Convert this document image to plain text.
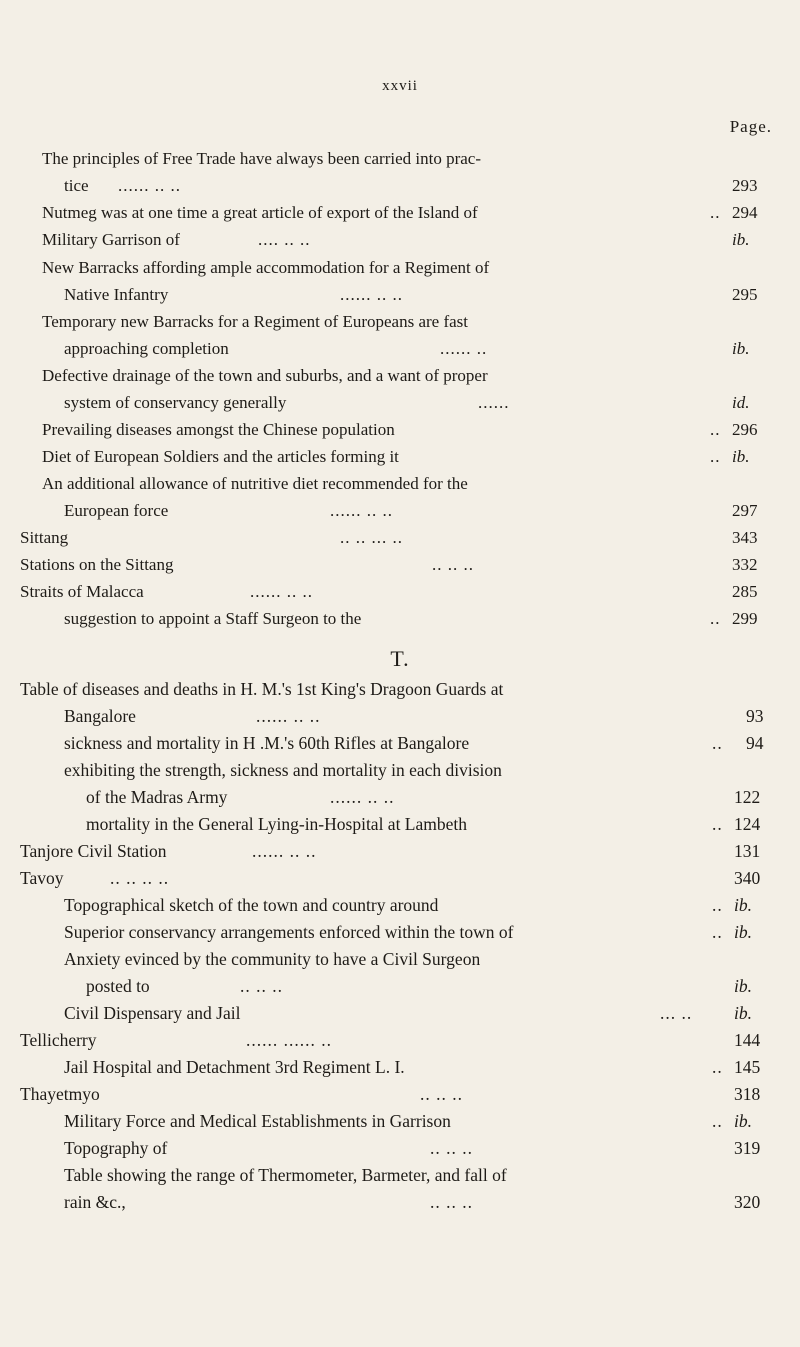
xxvii
Page.
The principles of Free Trade have always been carried into prac-
tice ...... .. ..	293
Nutmeg was at one time a great article of export of the Island of	.. 294
Military Garrison of	.... .. ..	ib.
New Barracks affording ample accommodation for a Regiment of
Native Infantry	...... .. ..	295
Temporary new Barracks for a Regiment of Europeans are fast
approaching completion	...... ..	ib.
Defective drainage of the town and suburbs, and a want of proper
system of conservancy generally	......	id.
Prevailing diseases amongst the Chinese population	.. 296
Diet of European Soldiers and the articles forming it	.. ib.
An additional allowance of nutritive diet recommended for the
European force	...... .. ..	297
Sittang	.. .. ... ..	343
Stations on the Sittang	.. .. ..	332
Straits of Malacca	...... .. ..	285
suggestion to appoint a Staff Surgeon to the	.. 299
T.
Table of diseases and deaths in H. M.'s 1st King's Dragoon Guards at
Bangalore	...... .. ..	93
sickness and mortality in H .M.'s 60th Rifles at Bangalore	.. 94
exhibiting the strength, sickness and mortality in each division
of the Madras Army	...... .. ..	122
mortality in the General Lying-in-Hospital at Lambeth	.. 124
Tanjore Civil Station	...... .. ..	131
Tavoy	.. .. .. ..	340
Topographical sketch of the town and country around	.. ib.
Superior conservancy arrangements enforced within the town of	.. ib.
Anxiety evinced by the community to have a Civil Surgeon
posted to	.. .. ..	ib.
Civil Dispensary and Jail	... .. ib.
Tellicherry	...... ...... ..	144
Jail Hospital and Detachment 3rd Regiment L. I.	.. 145
Thayetmyo	.. .. ..	318
Military Force and Medical Establishments in Garrison	.. ib.
Topography of	.. .. ..	319
Table showing the range of Thermometer, Barmeter, and fall of
rain &c.,	.. .. ..	320
